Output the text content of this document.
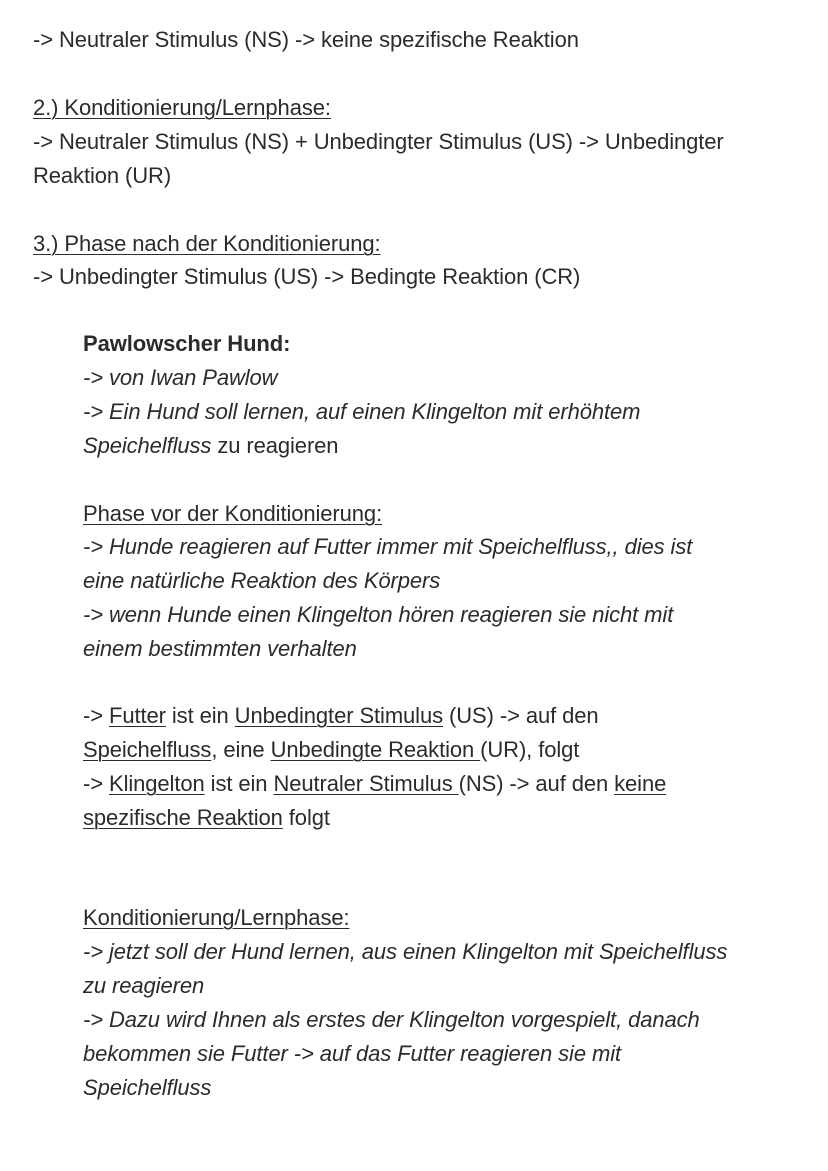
-> Neutraler Stimulus (NS) -> keine spezifische Reaktion
2.) Konditionierung/Lernphase:
-> Neutraler Stimulus (NS) + Unbedingter Stimulus (US) -> Unbedingter
Reaktion (UR)
3.) Phase nach der Konditionierung:
-> Unbedingter Stimulus (US) -> Bedingte Reaktion (CR)
Pawlowscher Hund:
-> von Iwan Pawlow
-> Ein Hund soll lernen, auf einen Klingelton mit erhöhtem
Speichelfluss zu reagieren
Phase vor der Konditionierung:
-> Hunde reagieren auf Futter immer mit Speichelfluss,, dies ist
eine natürliche Reaktion des Körpers
-> wenn Hunde einen Klingelton hören reagieren sie nicht mit
einem bestimmten verhalten
-> Futter ist ein Unbedingter Stimulus (US) -> auf den
Speichelfluss, eine Unbedingte Reaktion (UR), folgt
-> Klingelton ist ein Neutraler Stimulus (NS) -> auf den keine
spezifische Reaktion folgt
Konditionierung/Lernphase:
-> jetzt soll der Hund lernen, aus einen Klingelton mit Speichelfluss
zu reagieren
-> Dazu wird Ihnen als erstes der Klingelton vorgespielt, danach
bekommen sie Futter -> auf das Futter reagieren sie mit
Speichelfluss
